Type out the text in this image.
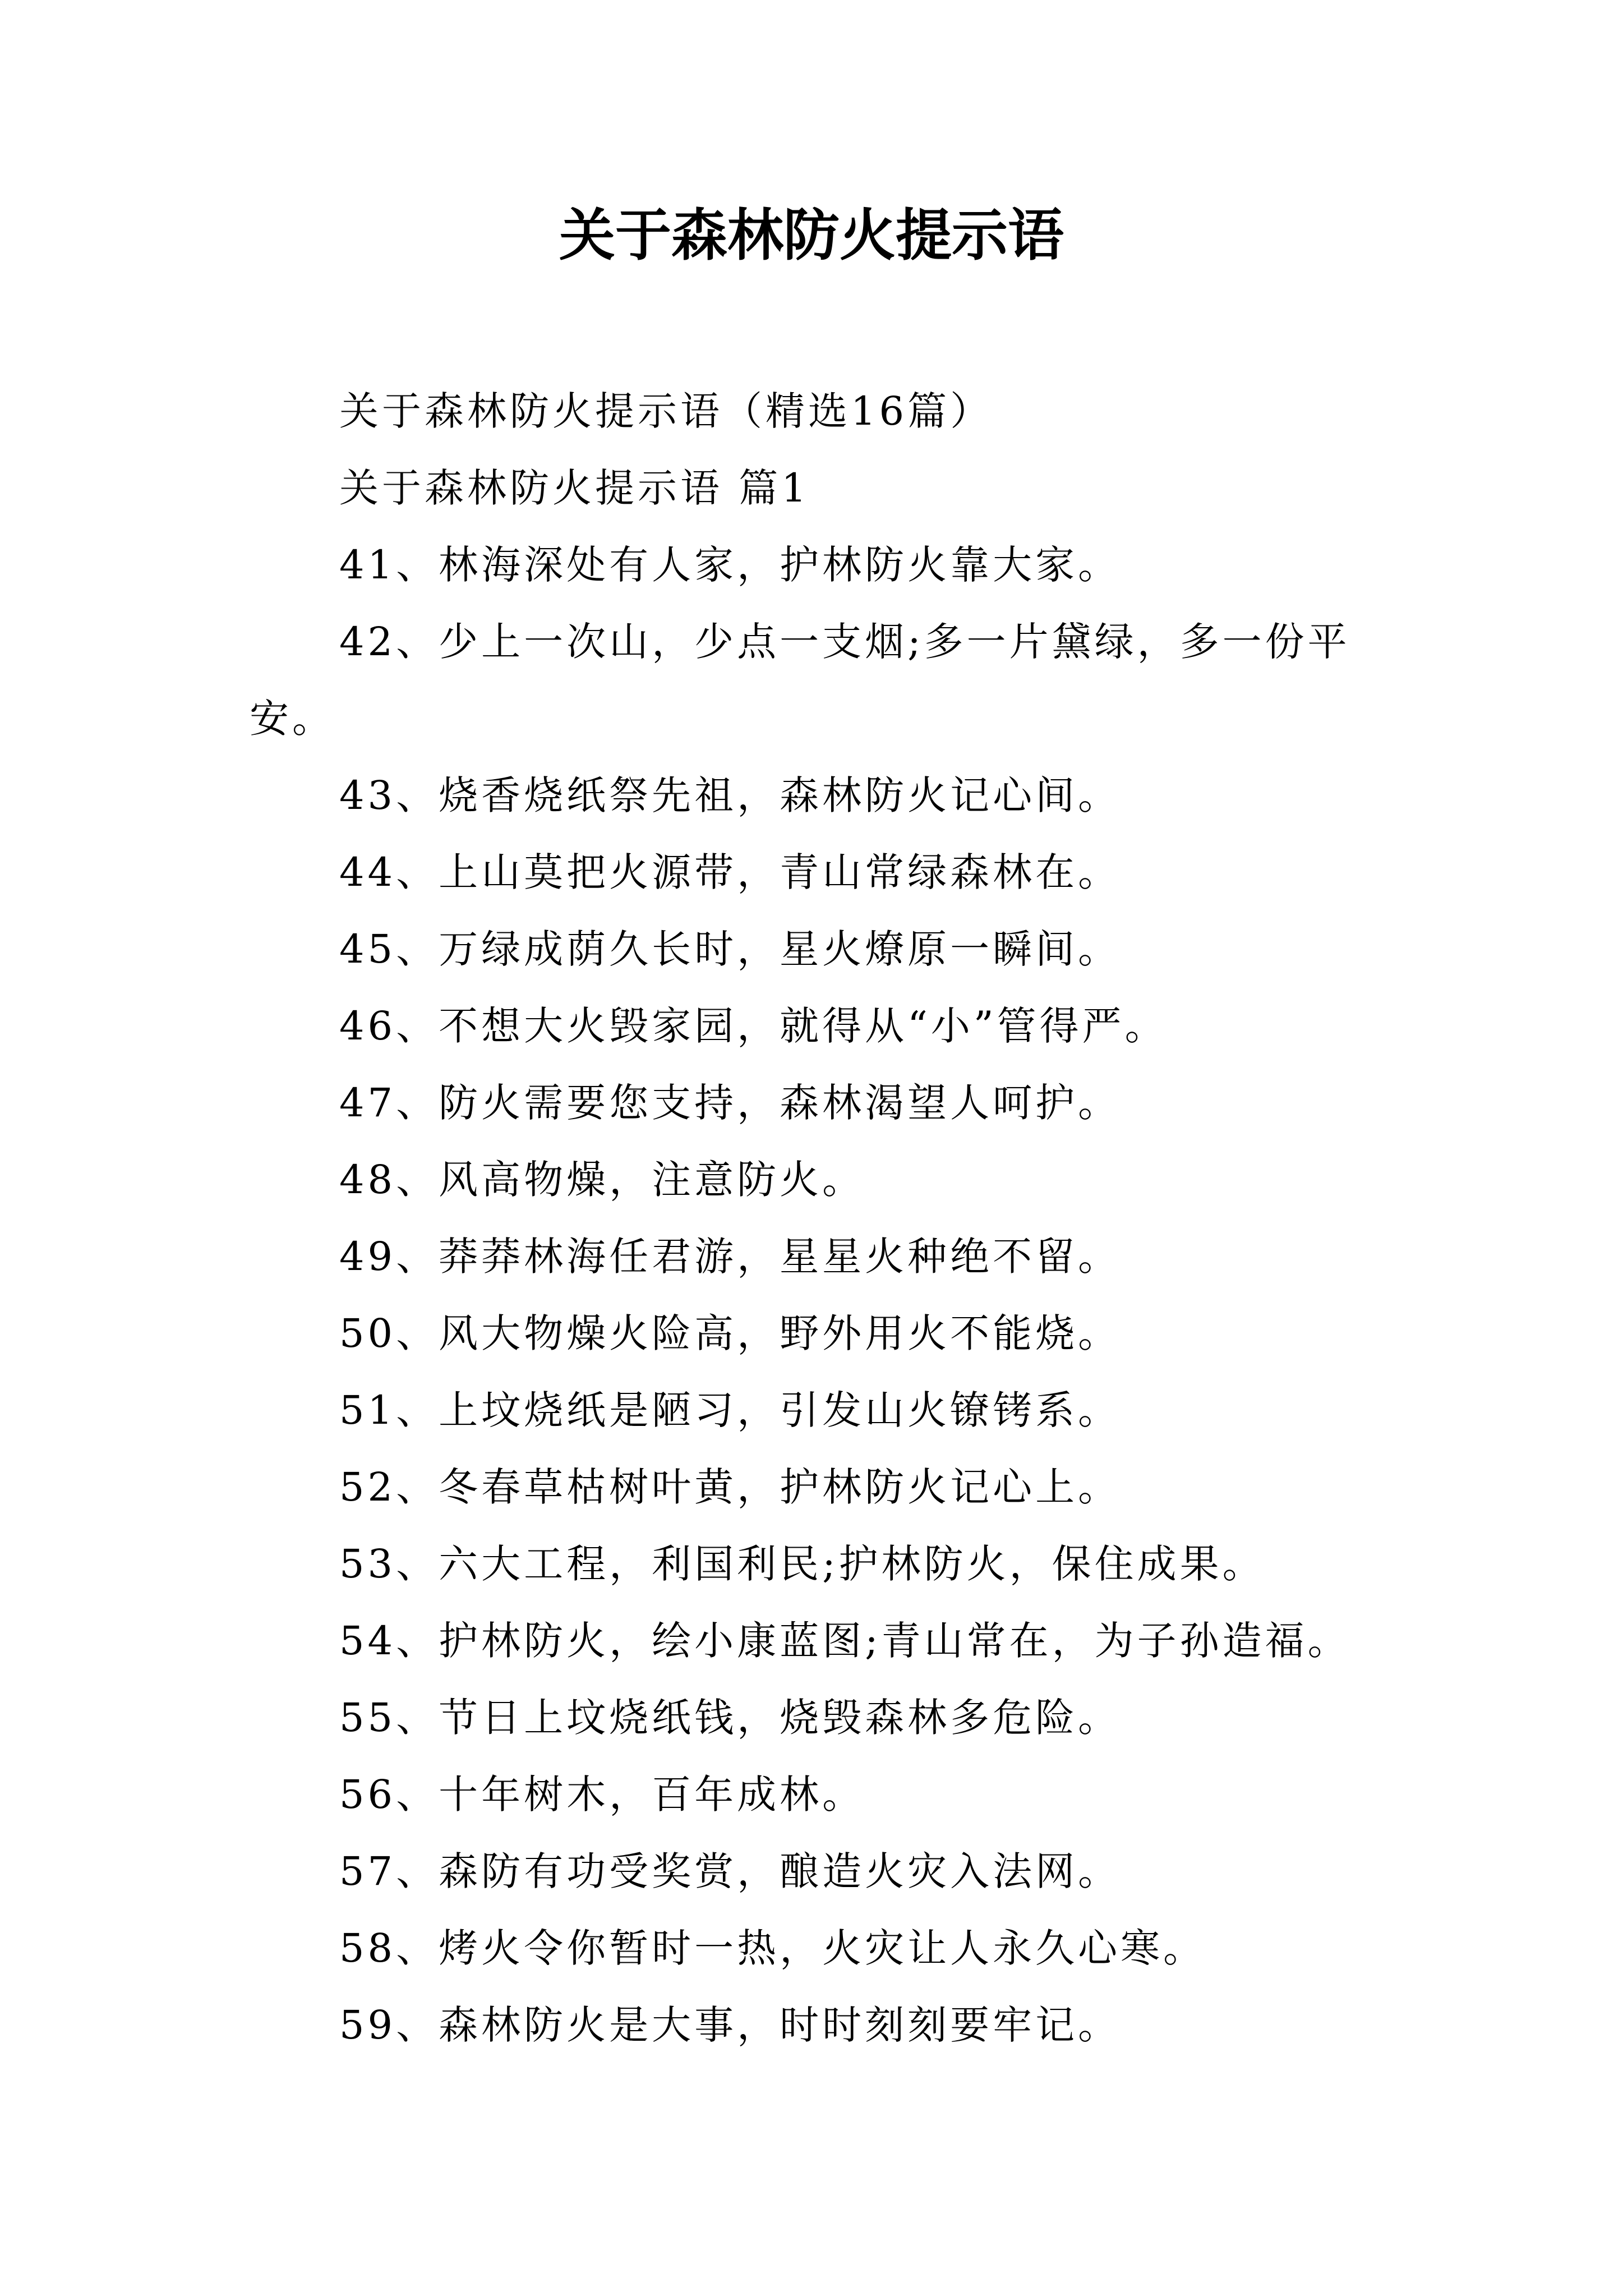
关于森林防火提示语

关于森林防火提示语（精选16篇）

关于森林防火提示语 篇1

41、林海深处有人家，护林防火靠大家。

42、少上一次山，少点一支烟;多一片黛绿，多一份平安。

43、烧香烧纸祭先祖，森林防火记心间。

44、上山莫把火源带，青山常绿森林在。

45、万绿成荫久长时，星火燎原一瞬间。

46、不想大火毁家园，就得从“小”管得严。

47、防火需要您支持，森林渴望人呵护。

48、风高物燥，注意防火。

49、莽莽林海任君游，星星火种绝不留。

50、风大物燥火险高，野外用火不能烧。

51、上坟烧纸是陋习，引发山火镣铐系。

52、冬春草枯树叶黄，护林防火记心上。

53、六大工程，利国利民;护林防火，保住成果。

54、护林防火，绘小康蓝图;青山常在，为子孙造福。

55、节日上坟烧纸钱，烧毁森林多危险。

56、十年树木，百年成林。

57、森防有功受奖赏，酿造火灾入法网。

58、烤火令你暂时一热，火灾让人永久心寒。

59、森林防火是大事，时时刻刻要牢记。
